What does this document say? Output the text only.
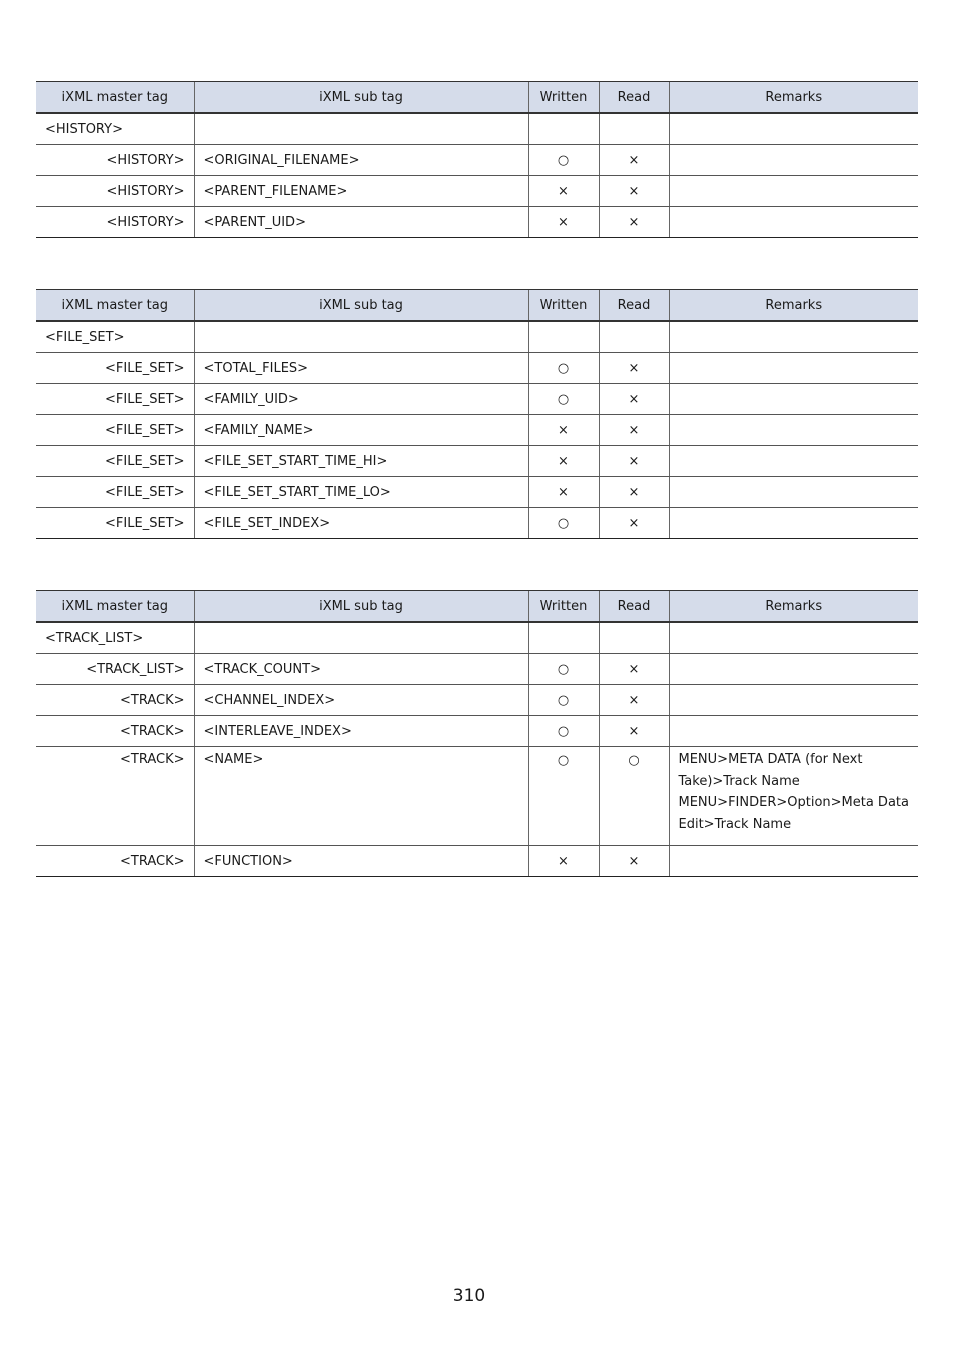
iXML master tag	iXML sub tag	Written	Read	Remarks
<HISTORY>				
<HISTORY>	<ORIGINAL_FILENAME>	○	×	
<HISTORY>	<PARENT_FILENAME>	×	×	
<HISTORY>	<PARENT_UID>	×	×	
iXML master tag	iXML sub tag	Written	Read	Remarks
<FILE_SET>				
<FILE_SET>	<TOTAL_FILES>	○	×	
<FILE_SET>	<FAMILY_UID>	○	×	
<FILE_SET>	<FAMILY_NAME>	×	×	
<FILE_SET>	<FILE_SET_START_TIME_HI>	×	×	
<FILE_SET>	<FILE_SET_START_TIME_LO>	×	×	
<FILE_SET>	<FILE_SET_INDEX>	○	×	
iXML master tag	iXML sub tag	Written	Read	Remarks
<TRACK_LIST>				
<TRACK_LIST>	<TRACK_COUNT>	○	×	
<TRACK>	<CHANNEL_INDEX>	○	×	
<TRACK>	<INTERLEAVE_INDEX>	○	×	
<TRACK>	<NAME>	○	○	MENU>META DATA (for Next
Take)>Track Name
MENU>FINDER>Option>Meta Data
Edit>Track Name

<TRACK>	<FUNCTION>	×	×	
310
